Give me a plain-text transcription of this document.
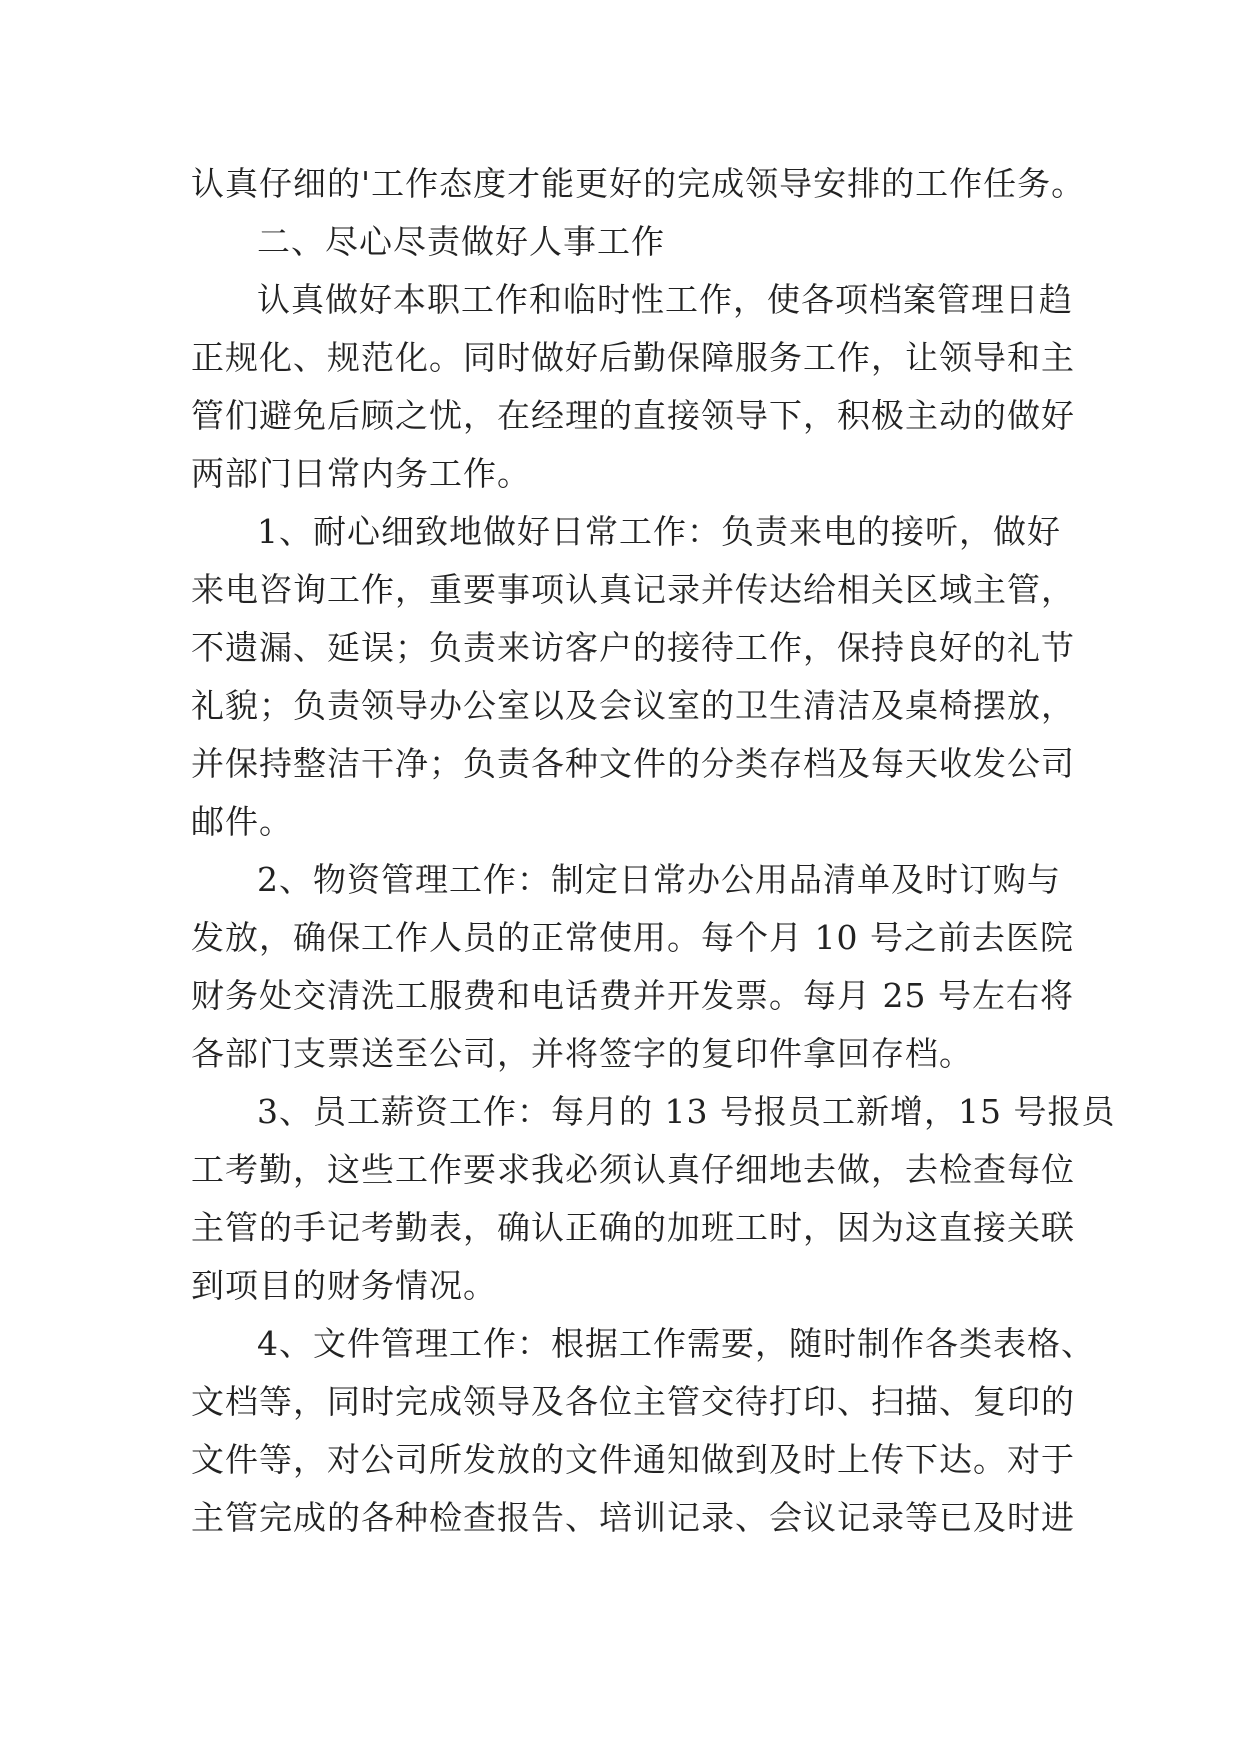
认真仔细的'工作态度才能更好的完成领导安排的工作任务。
二、尽心尽责做好人事工作
认真做好本职工作和临时性工作，使各项档案管理日趋
正规化、规范化。同时做好后勤保障服务工作，让领导和主
管们避免后顾之忧，在经理的直接领导下，积极主动的做好
两部门日常内务工作。
1、耐心细致地做好日常工作：负责来电的接听，做好
来电咨询工作，重要事项认真记录并传达给相关区域主管，
不遗漏、延误；负责来访客户的接待工作，保持良好的礼节
礼貌；负责领导办公室以及会议室的卫生清洁及桌椅摆放，
并保持整洁干净；负责各种文件的分类存档及每天收发公司
邮件。
2、物资管理工作：制定日常办公用品清单及时订购与
发放，确保工作人员的正常使用。每个月 10 号之前去医院
财务处交清洗工服费和电话费并开发票。每月 25 号左右将
各部门支票送至公司，并将签字的复印件拿回存档。
3、员工薪资工作：每月的 13 号报员工新增，15 号报员
工考勤，这些工作要求我必须认真仔细地去做，去检查每位
主管的手记考勤表，确认正确的加班工时，因为这直接关联
到项目的财务情况。
4、文件管理工作：根据工作需要，随时制作各类表格、
文档等，同时完成领导及各位主管交待打印、扫描、复印的
文件等，对公司所发放的文件通知做到及时上传下达。对于
主管完成的各种检查报告、培训记录、会议记录等已及时进
